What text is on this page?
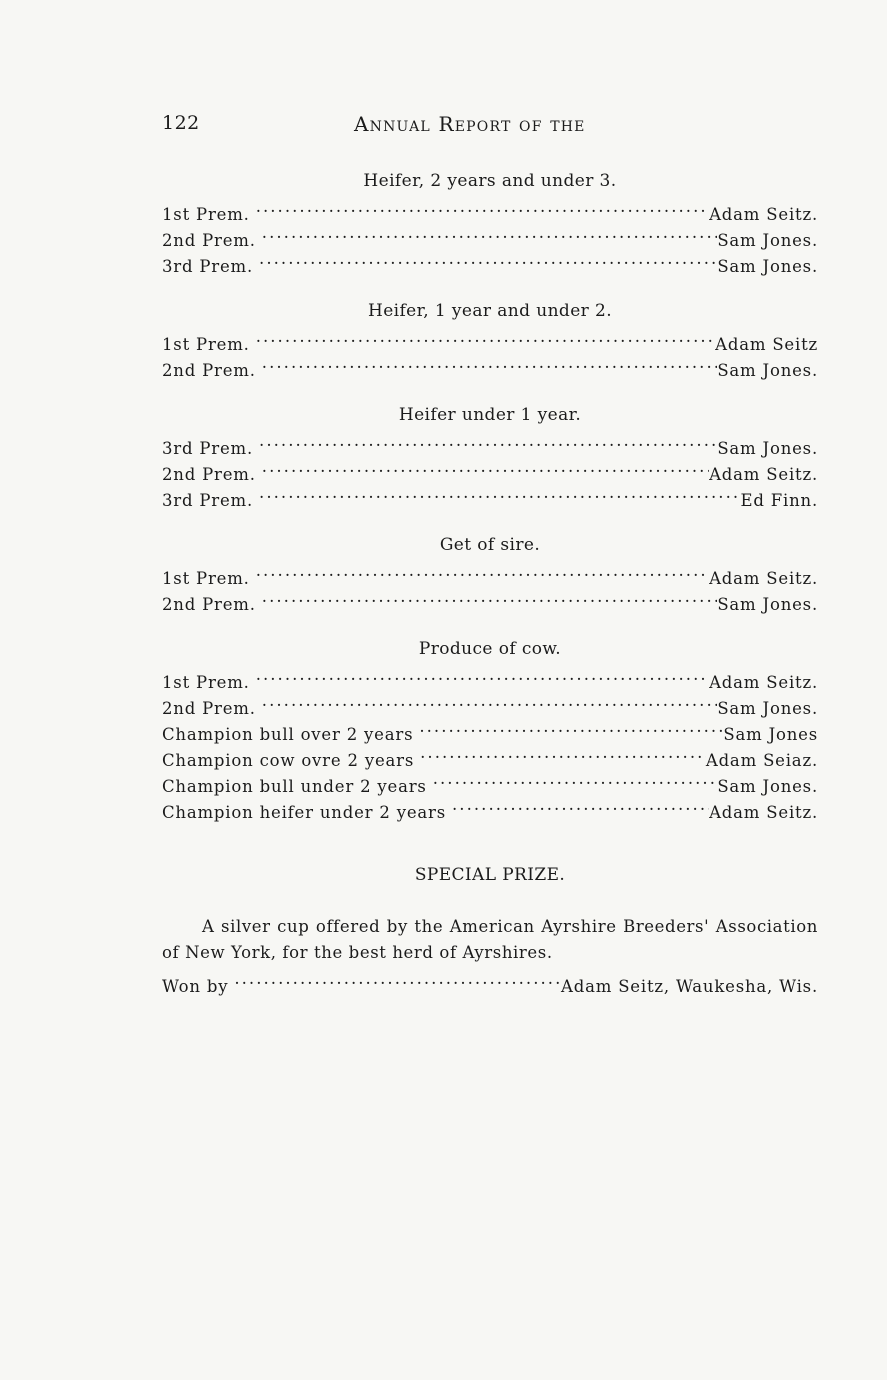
122	Annual Report of the
Heifer, 2 years and under 3.
1st Prem. . . .	Adam Seitz.
2nd Prem. . . .	Sam Jones.
3rd Prem. . . .	Sam Jones.
Heifer, 1 year and under 2.
1st Prem. . . .	Adam Seitz
2nd Prem. . . .	Sam Jones.
Heifer under 1 year.
3rd Prem. . . .	Sam Jones.
2nd Prem. . . .	Adam Seitz.
3rd Prem. . . .	Ed Finn.
Get of sire.
1st Prem. . . .	Adam Seitz.
2nd Prem. . . .	Sam Jones.
Produce of cow.
1st Prem. . . .	Adam Seitz.
2nd Prem. . . .	Sam Jones.
Champion bull over 2 years . . .	Sam Jones
Champion cow ovre 2 years . . .	Adam Seiaz.
Champion bull under 2 years . . .	Sam Jones.
Champion heifer under 2 years . . .	Adam Seitz.
SPECIAL PRIZE.
A silver cup offered by the American Ayrshire Breeders' Association of New York, for the best herd of Ayrshires.
Won by . . .	Adam Seitz, Waukesha, Wis.
